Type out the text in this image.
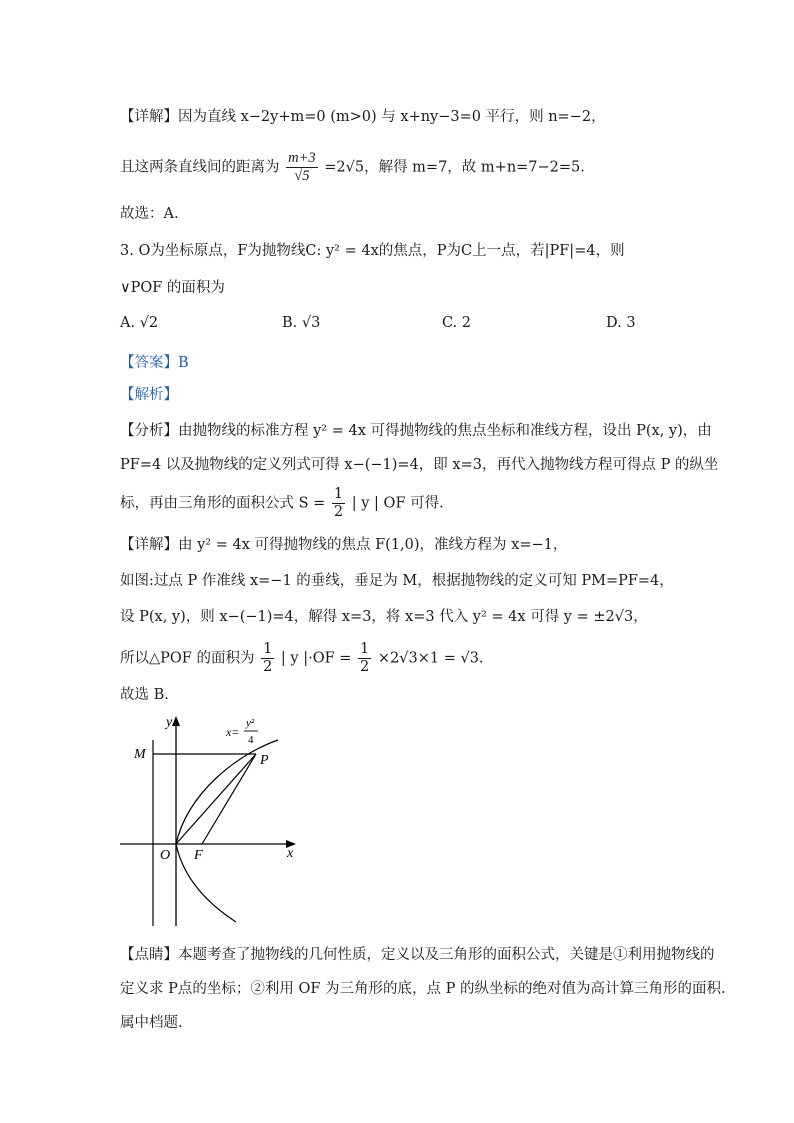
【详解】因为直线 x−2y+m=0 (m>0) 与 x+ny−3=0 平行，则 n=−2，
且这两条直线间的距离为 $\frac{m+3}{√5} =2√5$，解得 m=7，故 m+n=7−2=5.
故选：A.
3. O为坐标原点，F为抛物线C: y² = 4x的焦点，P为C上一点，若|PF|=4，则
∨POF 的面积为
A. √2	B. √3	C. 2	D. 3
【答案】B
【解析】
【分析】由抛物线的标准方程 y² = 4x 可得抛物线的焦点坐标和准线方程，设出 P(x, y)，由
PF=4 以及抛物线的定义列式可得 x−(−1)=4，即 x=3，再代入抛物线方程可得点 P 的纵坐
标，再由三角形的面积公式 $S = \frac{1}{2}$ | y | OF 可得.
【详解】由 y² = 4x 可得抛物线的焦点 F(1,0)，准线方程为 x=−1，
如图:过点 P 作准线 x=−1 的垂线，垂足为 M，根据抛物线的定义可知 PM=PF=4，
设 P(x, y)，则 x−(−1)=4，解得 x=3，将 x=3 代入 y² = 4x 可得 y = ±2√3，
所以△POF 的面积为 $\frac{1}{2}$ | y $|\cdot OF = \frac{1}{2} \times 2√3\times 1 = √3$.
故选 B.
y
x
O F
M	P
x=
y²
4
【点睛】本题考查了抛物线的几何性质，定义以及三角形的面积公式，关键是①利用抛物线的
定义求 P点的坐标；②利用 OF 为三角形的底，点 P 的纵坐标的绝对值为高计算三角形的面积.
属中档题.
